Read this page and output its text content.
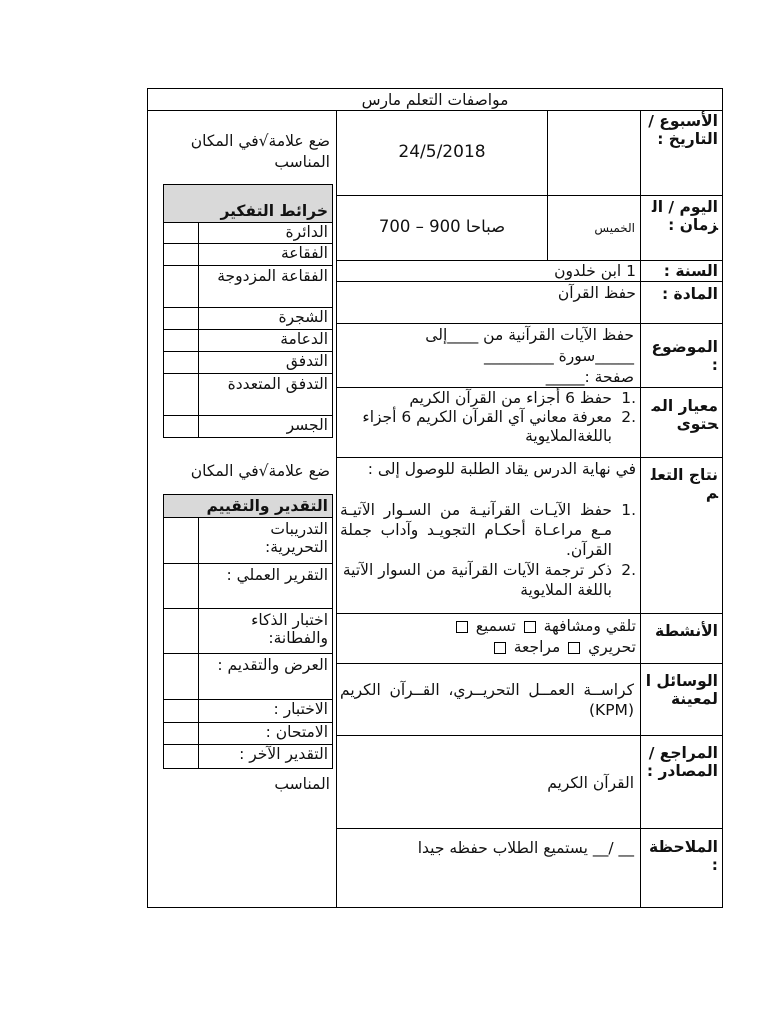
مواصفات التعلم مارس
الأسبوع / التاريخ :
اليوم / الزمان :
السنة :
المادة :
الموضوع :
معيار المحتوى
نتاج التعلم
الأنشطة
الوسائل المعينة
المراجع / المصادر :
الملاحظة :
24/5/2018
الخميس
صباحا 900 – 700
1 ابن خلدون
حفظ القرآن
حفظ الآيات القرآنية من ____إلى
_____سورة _________
صفحة :_____
.1
حفظ 6 أجزاء من القرآن الكريم
.2
معرفة معاني آي القرآن الكريم 6 أجزاء باللغةالملايوية
في نهاية الدرس يقاد الطلبة للوصول إلى :
.1
حفظ الآيـات القرآنيـة من السـوار الآتيـة مـع مراعـاة أحكـام التجويـد وآداب جملة القرآن.
.2
ذكر ترجمة الآيات القرآنية من السوار الآتية باللغة الملايوية
تلقي ومشافهة  تسميع
تحريري  مراجعة
كراســة العمــل التحريــري، القــرآن الكريم (KPM)
القرآن الكريم
__ /__ يستميع الطلاب حفظه جيدا
ضع علامة√في المكان المناسب
خرائط التفكير
الدائرة
الفقاعة
الفقاعة المزدوجة
الشجرة
الدعامة
التدفق
التدفق المتعددة
الجسر
ضع علامة√في المكان
التقدير والتقييم
التدريبات التحريرية:
التقرير العملي :
اختبار الذكاء والفطانة:
العرض والتقديم :
الاختبار :
الامتحان :
التقدير الآخر :
المناسب
